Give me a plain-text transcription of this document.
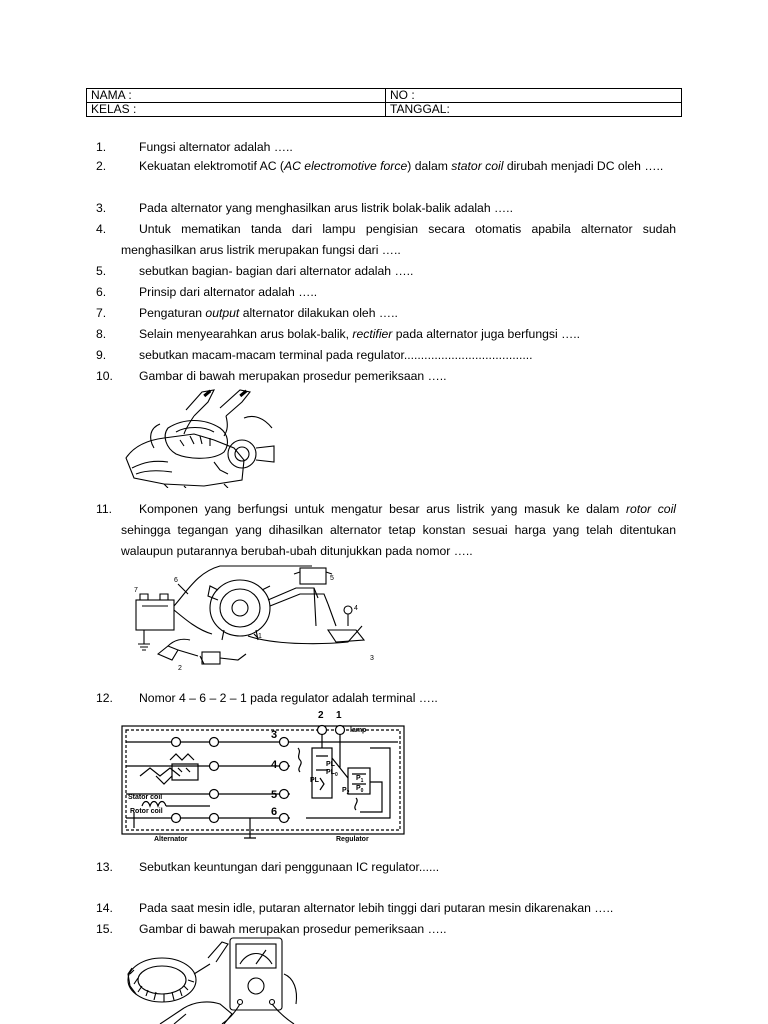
NAMA :	NO :
KELAS :	TANGGAL:
1.	Fungsi alternator adalah …..
2.	Kekuatan elektromotif AC (AC electromotive force) dalam stator coil dirubah menjadi DC oleh …..
3.	Pada alternator yang menghasilkan arus listrik bolak-balik adalah …..
4.	Untuk mematikan tanda dari lampu pengisian secara otomatis apabila alternator sudah menghasilkan arus listrik merupakan fungsi dari …..
5.	sebutkan bagian- bagian dari alternator adalah …..
6.	Prinsip dari alternator adalah …..
7.	Pengaturan output alternator dilakukan oleh …..
8.	Selain menyearahkan arus bolak-balik, rectifier pada alternator juga berfungsi …..
9.	sebutkan macam-macam terminal pada regulator......................................
10.	Gambar di bawah merupakan prosedur pemeriksaan …..
11.	Komponen yang berfungsi untuk mengatur besar arus listrik yang masuk ke dalam rotor coil sehingga tegangan yang dihasilkan alternator tetap konstan sesuai harga yang telah ditentukan walaupun putarannya berubah-ubah ditunjukkan pada nomor …..
1
2
3
4
5
6
7
12.	Nomor 4 – 6 – 2 – 1 pada regulator adalah terminal …..
2 1
3
4
5
6
lamp
Stator coil
Rotor coil
Alternator	Regulator
PL
$PL_0$
PL	$P_1$
$P_0$
$P_2$
13.	Sebutkan keuntungan dari penggunaan IC regulator......
14.	Pada saat mesin idle, putaran alternator lebih tinggi dari putaran mesin dikarenakan …..
15.	Gambar di bawah merupakan prosedur pemeriksaan …..
